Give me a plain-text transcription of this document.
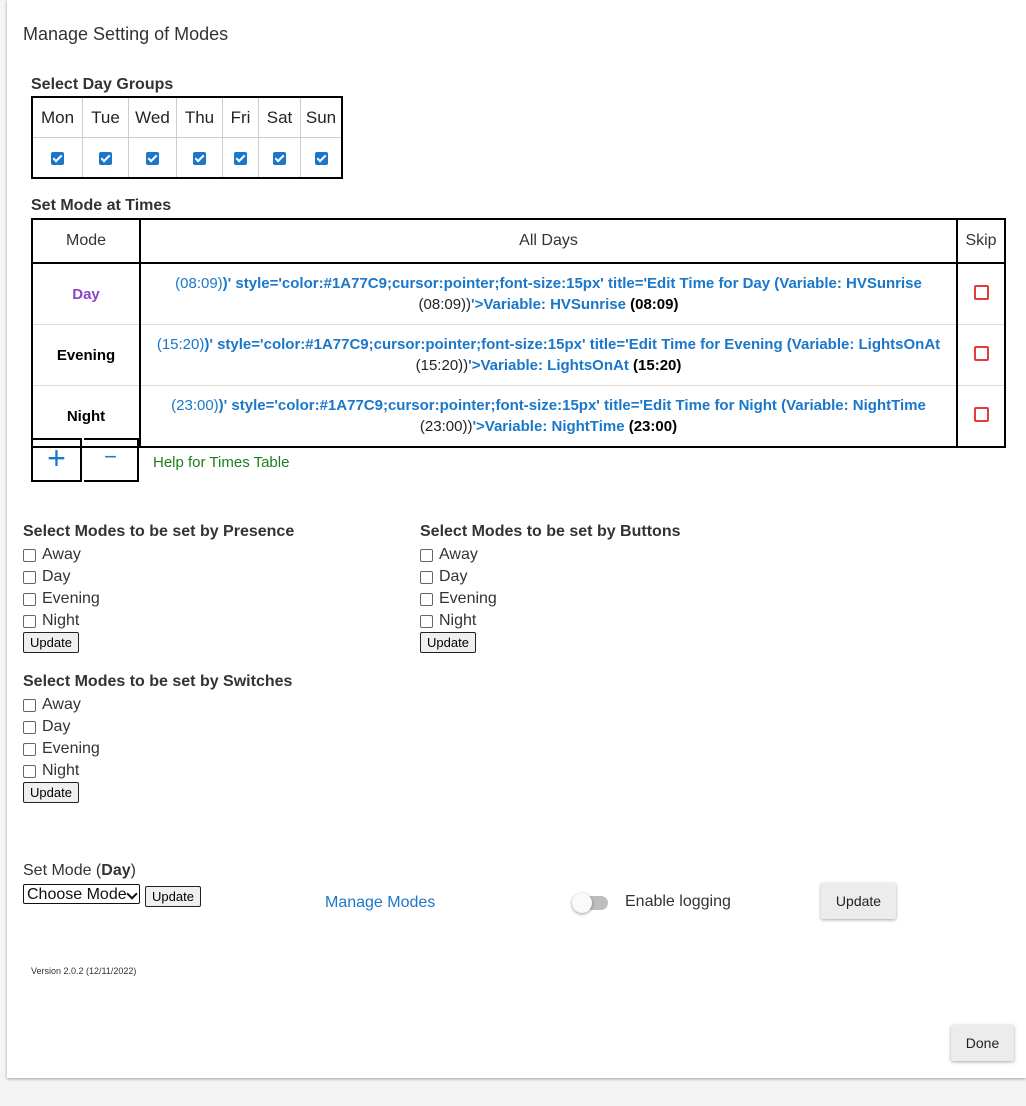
Manage Setting of Modes
Select Day Groups
Mon	Tue	Wed	Thu	Fri	Sat	Sun

Set Mode at Times
Mode	All Days	Skip
Day	(08:09))' style='color:#1A77C9;cursor:pointer;font-size:15px' title='Edit Time for Day (Variable: HVSunrise
(08:09))'>Variable: HVSunrise (08:09)	

Evening	(15:20))' style='color:#1A77C9;cursor:pointer;font-size:15px' title='Edit Time for Evening (Variable: LightsOnAt
(15:20))'>Variable: LightsOnAt (15:20)	

Night	(23:00))' style='color:#1A77C9;cursor:pointer;font-size:15px' title='Edit Time for Night (Variable: NightTime
(23:00))'>Variable: NightTime (23:00)	

+	−	Help for Times Table
Select Modes to be set by Presence
Away
Day
Evening
Night
Update
Select Modes to be set by Buttons
Away
Day
Evening
Night
Update
Select Modes to be set by Switches
Away
Day
Evening
Night
Update
Set Mode (Day)
Choose Mode	Update	Manage Modes	Enable logging	Update
Version 2.0.2 (12/11/2022)
Done
